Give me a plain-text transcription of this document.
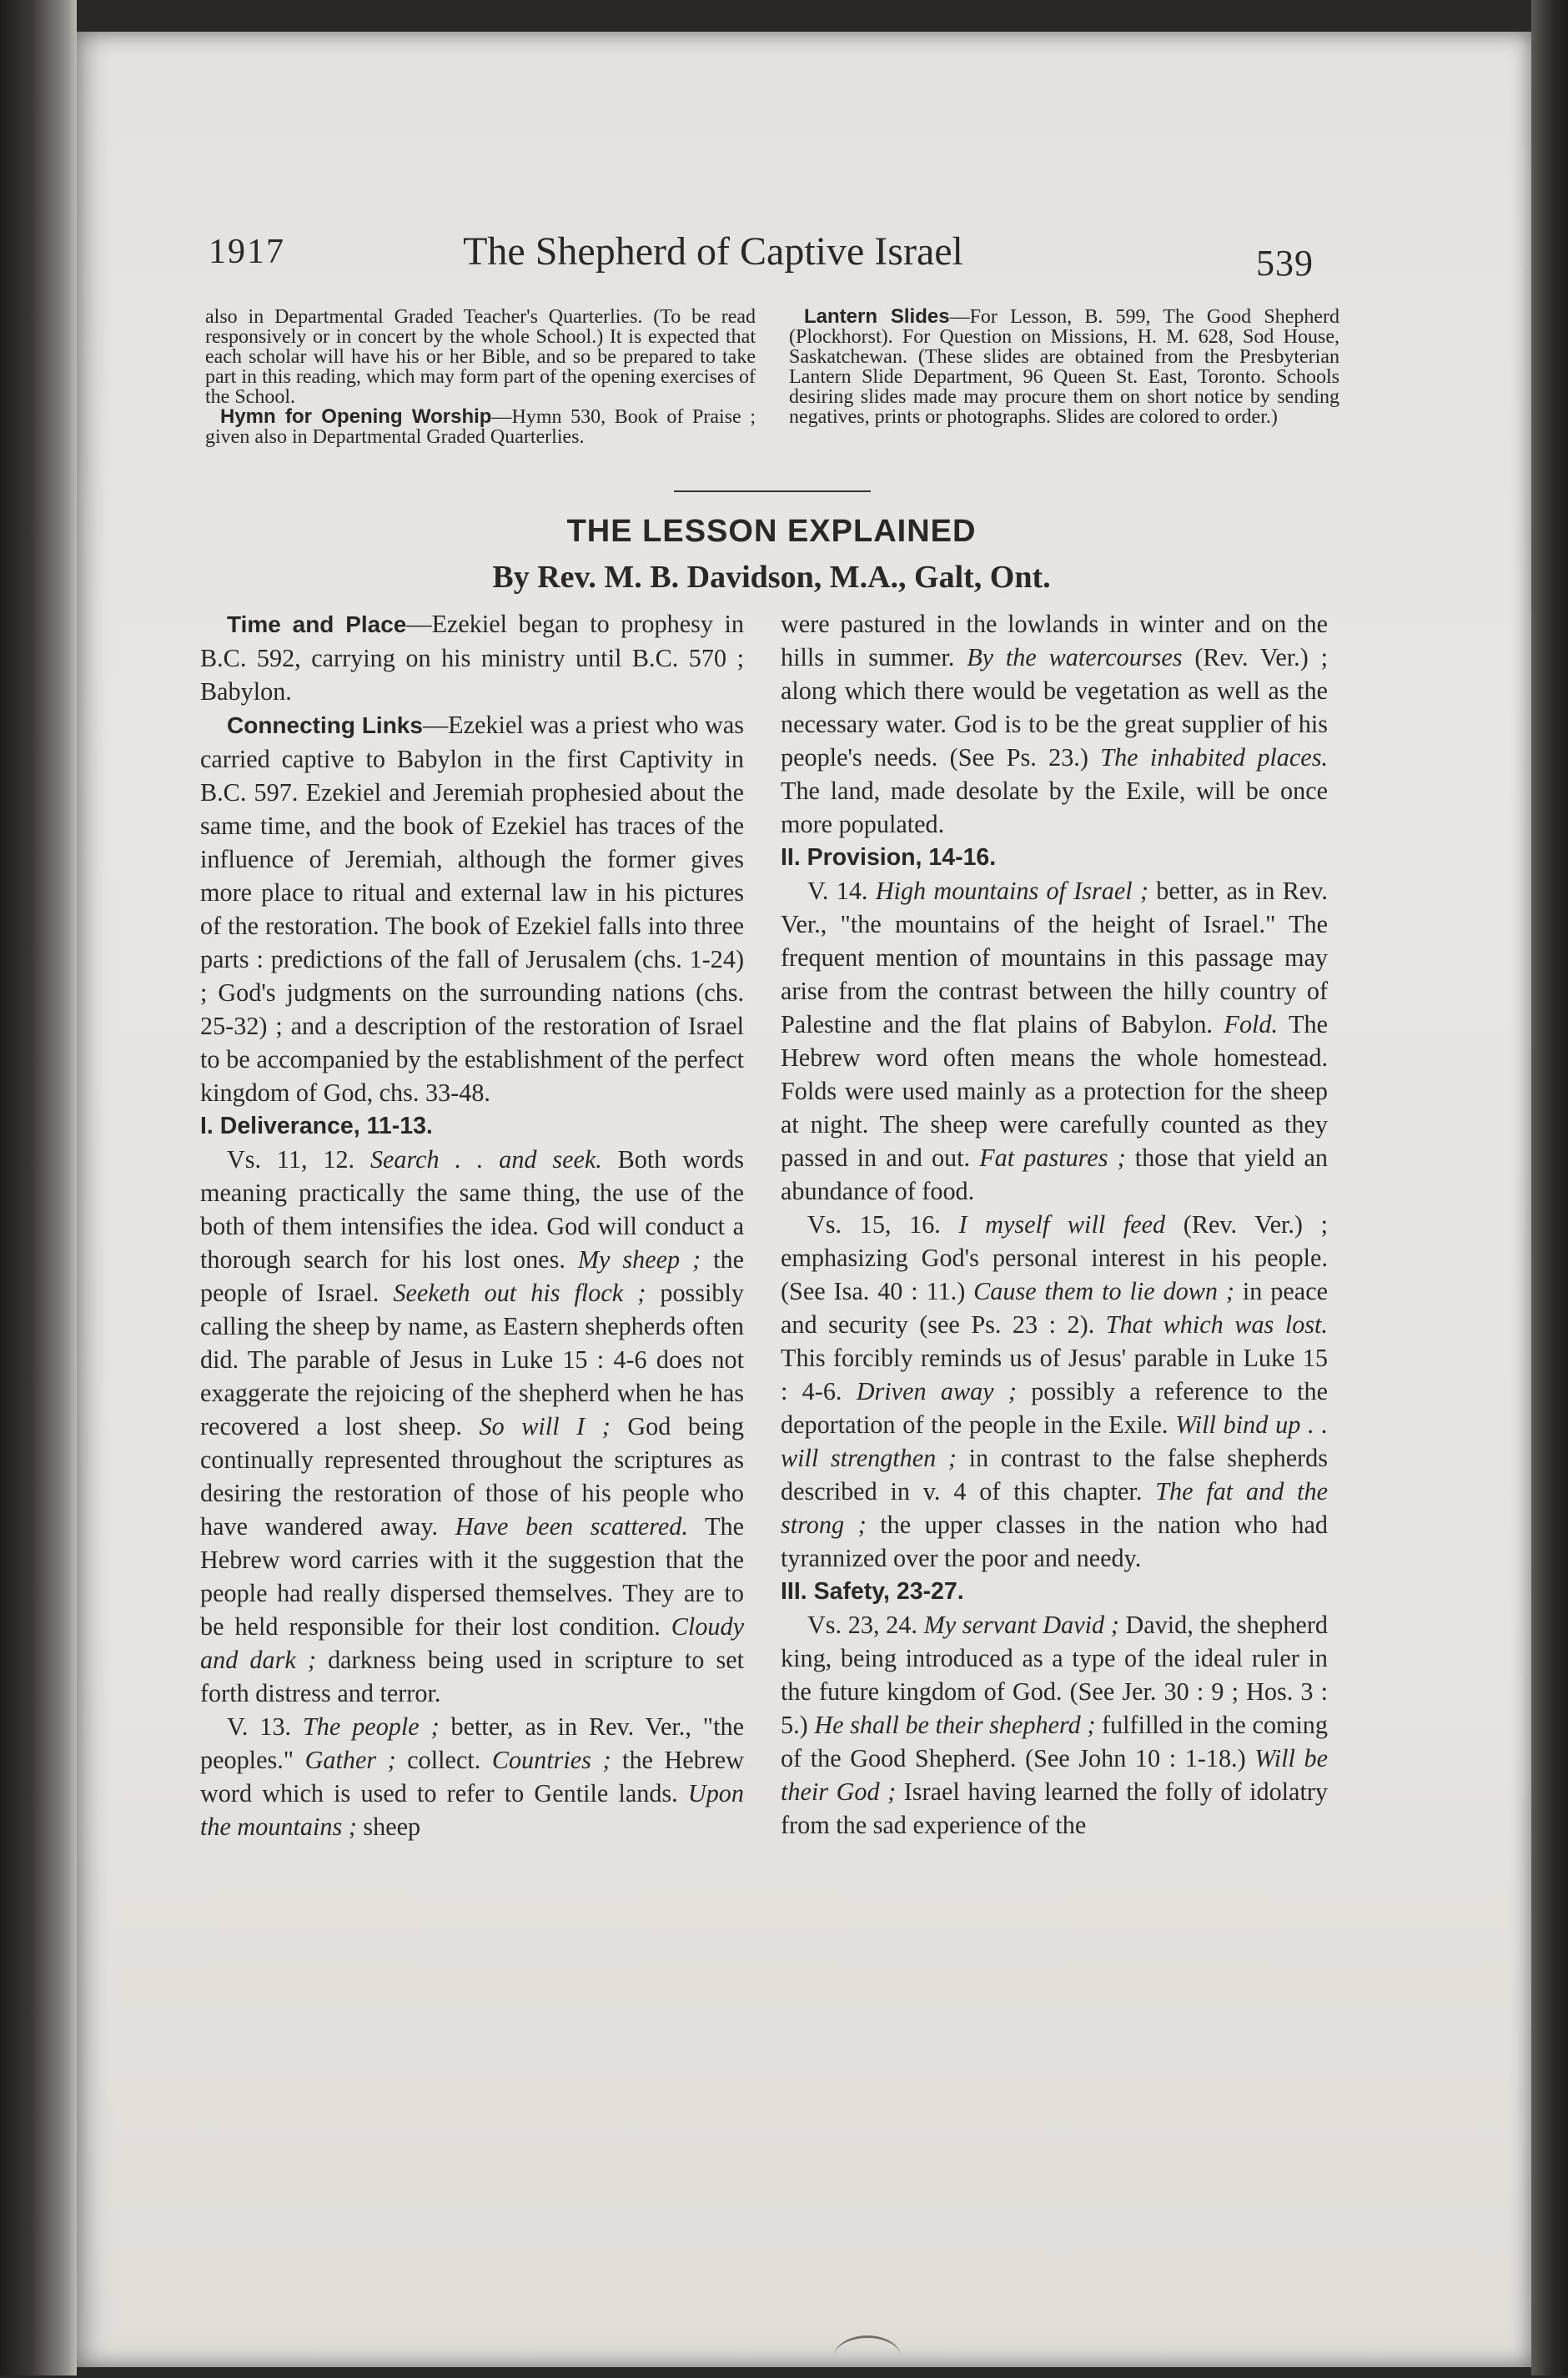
1917	The Shepherd of Captive Israel	539

also in Departmental Graded Teacher's Quarterlies. (To be read responsively or in concert by the whole School.) It is expected that each scholar will have his or her Bible, and so be prepared to take part in this reading, which may form part of the opening exercises of the School.

Hymn for Opening Worship—Hymn 530, Book of Praise ; given also in Departmental Graded Quarterlies.

Lantern Slides—For Lesson, B. 599, The Good Shepherd (Plockhorst). For Question on Missions, H. M. 628, Sod House, Saskatchewan. (These slides are obtained from the Presbyterian Lantern Slide Department, 96 Queen St. East, Toronto. Schools desiring slides made may procure them on short notice by sending negatives, prints or photographs. Slides are colored to order.)

THE LESSON EXPLAINED
By Rev. M. B. Davidson, M.A., Galt, Ont.

Time and Place—Ezekiel began to prophesy in B.C. 592, carrying on his ministry until B.C. 570 ; Babylon.

Connecting Links—Ezekiel was a priest who was carried captive to Babylon in the first Captivity in B.C. 597. Ezekiel and Jeremiah prophesied about the same time, and the book of Ezekiel has traces of the influence of Jeremiah, although the former gives more place to ritual and external law in his pictures of the restoration. The book of Ezekiel falls into three parts : predictions of the fall of Jerusalem (chs. 1-24) ; God's judgments on the surrounding nations (chs. 25-32) ; and a description of the restoration of Israel to be accompanied by the establishment of the perfect kingdom of God, chs. 33-48.

I. Deliverance, 11-13.

Vs. 11, 12. Search . . and seek. Both words meaning practically the same thing, the use of the both of them intensifies the idea. God will conduct a thorough search for his lost ones. My sheep ; the people of Israel. Seeketh out his flock ; possibly calling the sheep by name, as Eastern shepherds often did. The parable of Jesus in Luke 15 : 4-6 does not exaggerate the rejoicing of the shepherd when he has recovered a lost sheep. So will I ; God being continually represented throughout the scriptures as desiring the restoration of those of his people who have wandered away. Have been scattered. The Hebrew word carries with it the suggestion that the people had really dispersed themselves. They are to be held responsible for their lost condition. Cloudy and dark ; darkness being used in scripture to set forth distress and terror.

V. 13. The people ; better, as in Rev. Ver., "the peoples." Gather ; collect. Countries ; the Hebrew word which is used to refer to Gentile lands. Upon the mountains ; sheep

were pastured in the lowlands in winter and on the hills in summer. By the watercourses (Rev. Ver.) ; along which there would be vegetation as well as the necessary water. God is to be the great supplier of his people's needs. (See Ps. 23.) The inhabited places. The land, made desolate by the Exile, will be once more populated.

II. Provision, 14-16.

V. 14. High mountains of Israel ; better, as in Rev. Ver., "the mountains of the height of Israel." The frequent mention of mountains in this passage may arise from the contrast between the hilly country of Palestine and the flat plains of Babylon. Fold. The Hebrew word often means the whole homestead. Folds were used mainly as a protection for the sheep at night. The sheep were carefully counted as they passed in and out. Fat pastures ; those that yield an abundance of food.

Vs. 15, 16. I myself will feed (Rev. Ver.) ; emphasizing God's personal interest in his people. (See Isa. 40 : 11.) Cause them to lie down ; in peace and security (see Ps. 23 : 2). That which was lost. This forcibly reminds us of Jesus' parable in Luke 15 : 4-6. Driven away ; possibly a reference to the deportation of the people in the Exile. Will bind up . . will strengthen ; in contrast to the false shepherds described in v. 4 of this chapter. The fat and the strong ; the upper classes in the nation who had tyrannized over the poor and needy.

III. Safety, 23-27.

Vs. 23, 24. My servant David ; David, the shepherd king, being introduced as a type of the ideal ruler in the future kingdom of God. (See Jer. 30 : 9 ; Hos. 3 : 5.) He shall be their shepherd ; fulfilled in the coming of the Good Shepherd. (See John 10 : 1-18.) Will be their God ; Israel having learned the folly of idolatry from the sad experience of the
